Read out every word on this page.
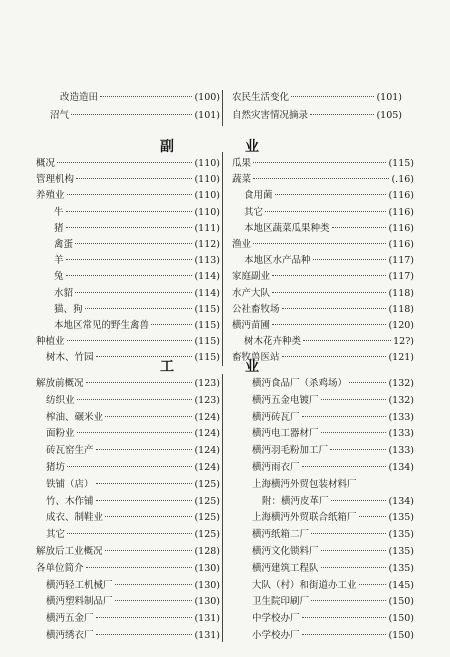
改造造田	(100)
沼气	(101)
农民生活变化	(101)
自然灾害情况摘录	(105)
副	业
概况	(110)
管理机构	(110)
养殖业	(110)
牛	(110)
猪	(111)
禽蛋	(112)
羊	(113)
兔	(114)
水貂	(114)
猫、狗	(115)
本地区常见的野生禽兽	(115)
种植业	(115)
树木、竹园	(115)
瓜果	(115)
蔬菜	(.16)
食用菌	(116)
其它	(116)
本地区蔬菜瓜果种类	(116)
渔业	(116)
本地区水产品种	(117)
家庭副业	(117)
水产大队	(118)
公社畜牧场	(118)
横沔苗圃	(120)
树木花卉种类	12?)
畜牧兽医站	(121)
工	业
解放前概况	(123)
纺织业	(123)
榨油、碾米业	(124)
面粉业	(124)
砖瓦窑生产	(124)
猪坊	(124)
铁铺（店）	(125)
竹、木作铺	(125)
成衣、制鞋业	(125)
其它	(125)
解放后工业概况	(128)
各单位简介	(130)
横沔轻工机械厂	(130)
横沔塑料制品厂	(130)
横沔五金厂	(131)
横沔绣衣厂	(131)
横沔食品厂（杀鸡场）	(132)
横沔五金电镀厂	(132)
横沔砖瓦厂	(133)
横沔电工器材厂	(133)
横沔羽毛粉加工厂	(133)
横沔雨衣厂	(134)
上海横沔外贸包装材料厂
附：横沔皮革厂	(134)
上海横沔外贸联合纸箱厂	(135)
横沔纸箱二厂	(135)
横沔文化锁料厂	(135)
横沔建筑工程队	(135)
大队（村）和街道办工业	(145)
卫生院印刷厂	(150)
中学校办厂	(150)
小学校办厂	(150)
